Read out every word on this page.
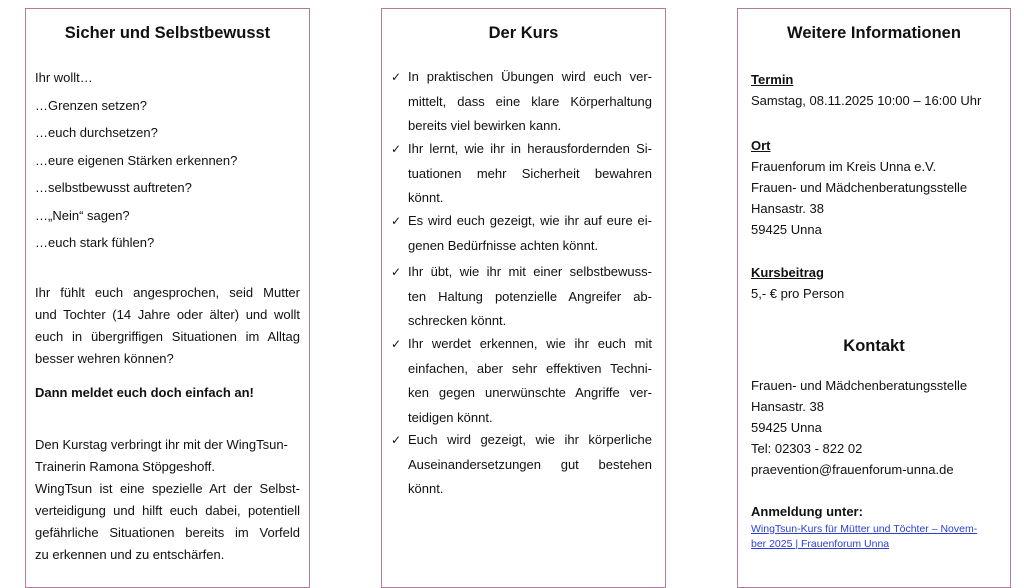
Sicher und Selbstbewusst
Ihr wollt…
…Grenzen setzen?
…euch durchsetzen?
…eure eigenen Stärken erkennen?
…selbstbewusst auftreten?
…„Nein“ sagen?
…euch stark fühlen?
Ihr fühlt euch angesprochen, seid Mutter
und Tochter (14 Jahre oder älter) und wollt
euch in übergriffigen Situationen im Alltag
besser wehren können?
Dann meldet euch doch einfach an!
Den Kurstag verbringt ihr mit der WingTsun-
Trainerin Ramona Stöpgeshoff.
WingTsun ist eine spezielle Art der Selbst-
verteidigung und hilft euch dabei, potentiell
gefährliche Situationen bereits im Vorfeld
zu erkennen und zu entschärfen.
Der Kurs
✓ In praktischen Übungen wird euch ver-
mittelt, dass eine klare Körperhaltung
bereits viel bewirken kann.
✓ Ihr lernt, wie ihr in herausfordernden Si-
tuationen mehr Sicherheit bewahren
könnt.
✓ Es wird euch gezeigt, wie ihr auf eure ei-
genen Bedürfnisse achten könnt.
✓ Ihr übt, wie ihr mit einer selbstbewuss-
ten Haltung potenzielle Angreifer ab-
schrecken könnt.
✓ Ihr werdet erkennen, wie ihr euch mit
einfachen, aber sehr effektiven Techni-
ken gegen unerwünschte Angriffe ver-
teidigen könnt.
✓ Euch wird gezeigt, wie ihr körperliche
Auseinandersetzungen gut bestehen
könnt.
Weitere Informationen
Termin
Samstag, 08.11.2025 10:00 – 16:00 Uhr
Ort
Frauenforum im Kreis Unna e.V.
Frauen- und Mädchenberatungsstelle
Hansastr. 38
59425 Unna
Kursbeitrag
5,- € pro Person
Kontakt
Frauen- und Mädchenberatungsstelle
Hansastr. 38
59425 Unna
Tel: 02303 - 822 02
praevention@frauenforum-unna.de
Anmeldung unter:
WingTsun-Kurs für Mütter und Töchter – Novem-
ber 2025 | Frauenforum Unna
